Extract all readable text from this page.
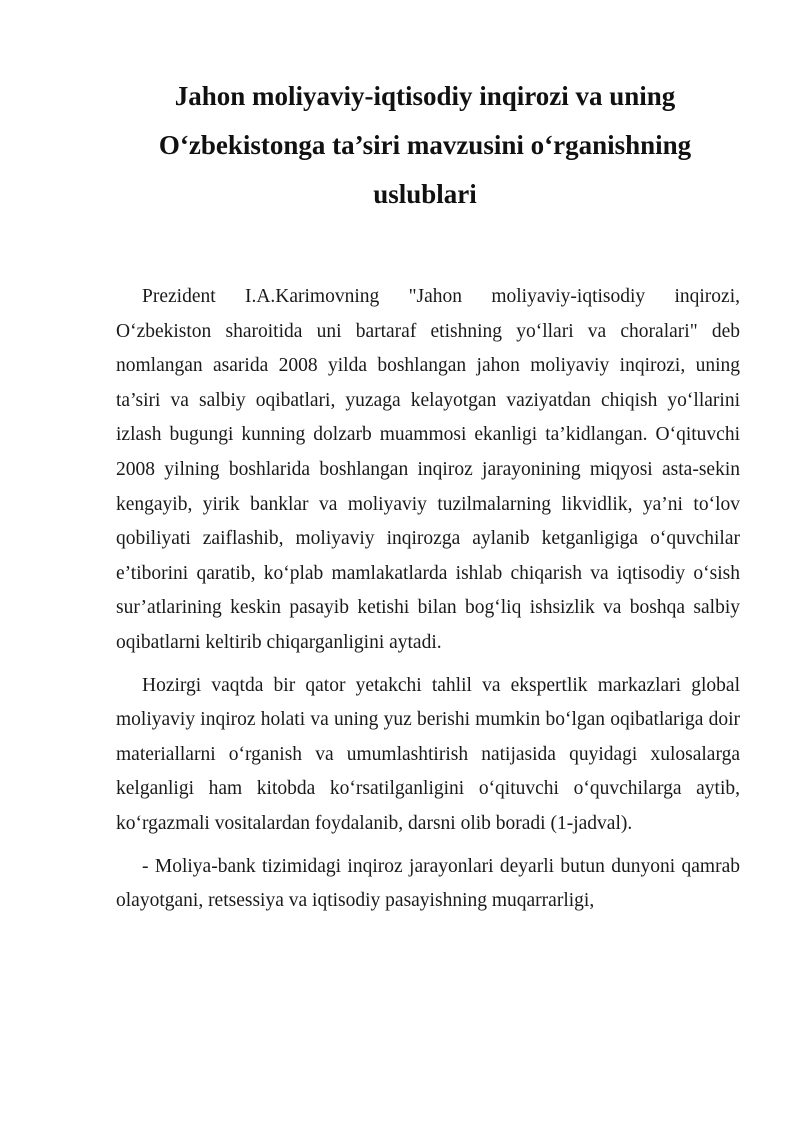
Jahon moliyaviy-iqtisodiy inqirozi va uning
O‘zbekistonga ta’siri mavzusini o‘rganishning
uslublari

Prezident I.A.Karimovning "Jahon moliyaviy-iqtisodiy inqirozi, O‘zbekiston sharoitida uni bartaraf etishning yo‘llari va choralari" deb nomlangan asarida 2008 yilda boshlangan jahon moliyaviy inqirozi, uning ta’siri va salbiy oqibatlari, yuzaga kelayotgan vaziyatdan chiqish yo‘llarini izlash bugungi kunning dolzarb muammosi ekanligi ta’kidlangan. O‘qituvchi 2008 yilning boshlarida boshlangan inqiroz jarayonining miqyosi asta-sekin kengayib, yirik banklar va moliyaviy tuzilmalarning likvidlik, ya’ni to‘lov qobiliyati zaiflashib, moliyaviy inqirozga aylanib ketganligiga o‘quvchilar e’tiborini qaratib, ko‘plab mamlakatlarda ishlab chiqarish va iqtisodiy o‘sish sur’atlarining keskin pasayib ketishi bilan bog‘liq ishsizlik va boshqa salbiy oqibatlarni keltirib chiqarganligini aytadi.

Hozirgi vaqtda bir qator yetakchi tahlil va ekspertlik markazlari global moliyaviy inqiroz holati va uning yuz berishi mumkin bo‘lgan oqibatlariga doir materiallarni o‘rganish va umumlashtirish natijasida quyidagi xulosalarga kelganligi ham kitobda ko‘rsatilganligini o‘qituvchi o‘quvchilarga aytib, ko‘rgazmali vositalardan foydalanib, darsni olib boradi (1-jadval).

- Moliya-bank tizimidagi inqiroz jarayonlari deyarli butun dunyoni qamrab olayotgani, retsessiya va iqtisodiy pasayishning muqarrarligi,
